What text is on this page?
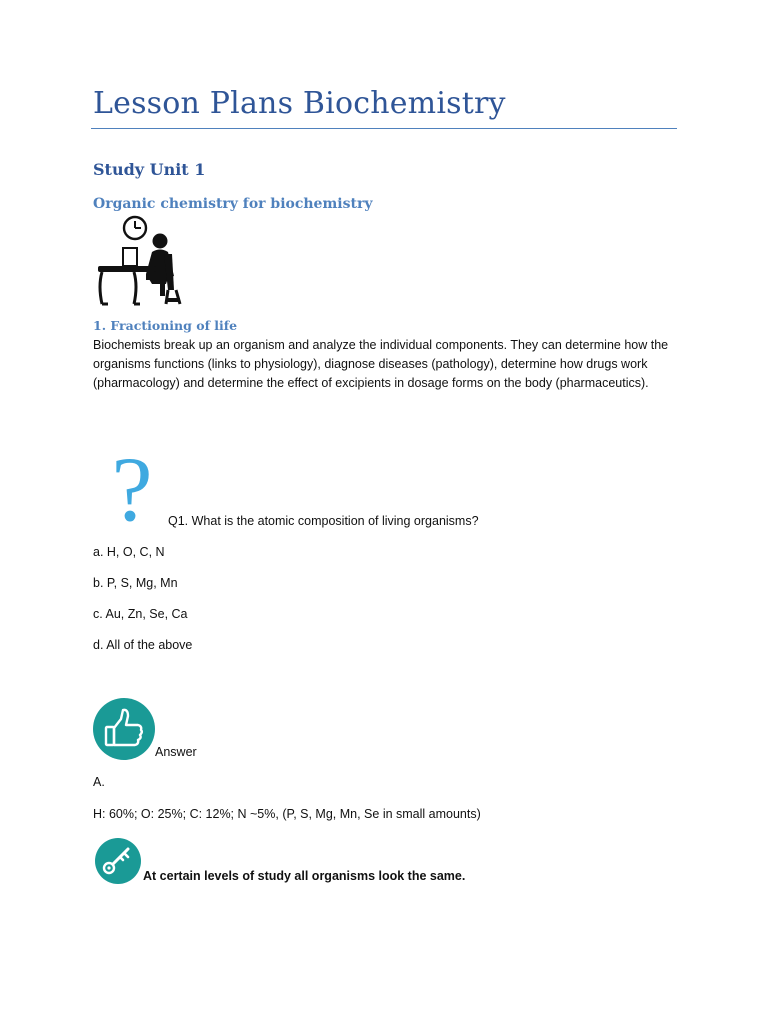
Lesson Plans Biochemistry
Study Unit 1
Organic chemistry for biochemistry
1. Fractioning of life
Biochemists break up an organism and analyze the individual components. They can determine how the organisms functions (links to physiology), diagnose diseases (pathology), determine how drugs work (pharmacology) and determine the effect of excipients in dosage forms on the body (pharmaceutics).
? Q1. What is the atomic composition of living organisms?
a. H, O, C, N
b. P, S, Mg, Mn
c. Au, Zn, Se, Ca
d. All of the above
Answer
A.
H: 60%; O: 25%; C: 12%; N ~5%, (P, S, Mg, Mn, Se in small amounts)
At certain levels of study all organisms look the same.
